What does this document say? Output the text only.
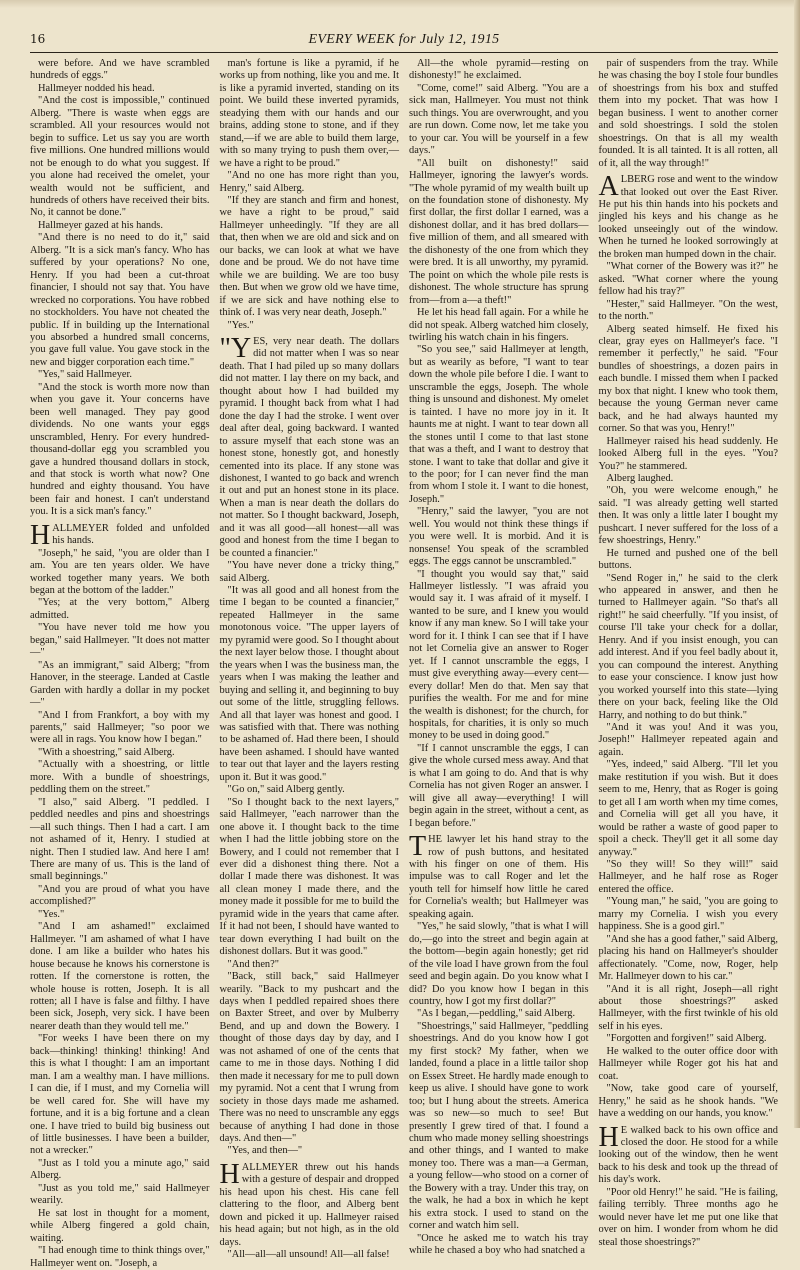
16	EVERY WEEK for July 12, 1915

were before. And we have scrambled hundreds of eggs."

Hallmeyer nodded his head.

"And the cost is impossible," continued Alberg. "There is waste when eggs are scrambled. All your resources would not begin to suffice. Let us say you are worth five millions. One hundred millions would not be enough to do what you suggest. If you alone had received the omelet, your wealth would not be sufficient, and hundreds of others have received their bits. No, it cannot be done."

Hallmeyer gazed at his hands.

"And there is no need to do it," said Alberg. "It is a sick man's fancy. Who has suffered by your operations? No one, Henry. If you had been a cut-throat financier, I should not say that. You have wrecked no corporations. You have robbed no stockholders. You have not cheated the public. If in building up the International you absorbed a hundred small concerns, you gave full value. You gave stock in the new and bigger corporation each time."

"Yes," said Hallmeyer.

"And the stock is worth more now than when you gave it. Your concerns have been well managed. They pay good dividends. No one wants your eggs unscrambled, Henry. For every hundred-thousand-dollar egg you scrambled you gave a hundred thousand dollars in stock, and that stock is worth what now? One hundred and eighty thousand. You have been fair and honest. I can't understand you. It is a sick man's fancy."

HALLMEYER folded and unfolded his hands.

"Joseph," he said, "you are older than I am. You are ten years older. We have worked together many years. We both began at the bottom of the ladder."

"Yes; at the very bottom," Alberg admitted.

"You have never told me how you began," said Hallmeyer. "It does not matter—"

"As an immigrant," said Alberg; "from Hanover, in the steerage. Landed at Castle Garden with hardly a dollar in my pocket—"

"And I from Frankfort, a boy with my parents," said Hallmeyer; "so poor we were all in rags. You know how I began."

"With a shoestring," said Alberg.

"Actually with a shoestring, or little more. With a bundle of shoestrings, peddling them on the street."

"I also," said Alberg. "I peddled. I peddled needles and pins and shoestrings—all such things. Then I had a cart. I am not ashamed of it, Henry. I studied at night. Then I studied law. And here I am! There are many of us. This is the land of small beginnings."

"And you are proud of what you have accomplished?"

"Yes."

"And I am ashamed!" exclaimed Hallmeyer. "I am ashamed of what I have done. I am like a builder who hates his house because he knows his cornerstone is rotten. If the cornerstone is rotten, the whole house is rotten, Joseph. It is all rotten; all I have is false and filthy. I have been sick, Joseph, very sick. I have been nearer death than they would tell me."

"For weeks I have been there on my back—thinking! thinking! thinking! And this is what I thought: I am an important man. I am a wealthy man. I have millions. I can die, if I must, and my Cornelia will be well cared for. She will have my fortune, and it is a big fortune and a clean one. I have tried to build big business out of little businesses. I have been a builder, not a wrecker."

"Just as I told you a minute ago," said Alberg.

"Just as you told me," said Hallmeyer wearily.

He sat lost in thought for a moment, while Alberg fingered a gold chain, waiting.

"I had enough time to think things over," Hallmeyer went on. "Joseph, a

man's fortune is like a pyramid, if he works up from nothing, like you and me. It is like a pyramid inverted, standing on its point. We build these inverted pyramids, steadying them with our hands and our brains, adding stone to stone, and if they stand,—if we are able to build them large, with so many trying to push them over,—we have a right to be proud."

"And no one has more right than you, Henry," said Alberg.

"If they are stanch and firm and honest, we have a right to be proud," said Hallmeyer unheedingly. "If they are all that, then when we are old and sick and on our backs, we can look at what we have done and be proud. We do not have time while we are building. We are too busy then. But when we grow old we have time, if we are sick and have nothing else to think of. I was very near death, Joseph."

"Yes."

"YES, very near death. The dollars did not matter when I was so near death. That I had piled up so many dollars did not matter. I lay there on my back, and thought about how I had builded my pyramid. I thought back from what I had done the day I had the stroke. I went over deal after deal, going backward. I wanted to assure myself that each stone was an honest stone, honestly got, and honestly cemented into its place. If any stone was dishonest, I wanted to go back and wrench it out and put an honest stone in its place. When a man is near death the dollars do not matter. So I thought backward, Joseph, and it was all good—all honest—all was good and honest from the time I began to be counted a financier."

"You have never done a tricky thing," said Alberg.

"It was all good and all honest from the time I began to be counted a financier," repeated Hallmeyer in the same monotonous voice. "The upper layers of my pyramid were good. So I thought about the next layer below those. I thought about the years when I was the business man, the years when I was making the leather and buying and selling it, and beginning to buy out some of the little, struggling fellows. And all that layer was honest and good. I was satisfied with that. There was nothing to be ashamed of. Had there been, I should have been ashamed. I should have wanted to tear out that layer and the layers resting upon it. But it was good."

"Go on," said Alberg gently.

"So I thought back to the next layers," said Hallmeyer, "each narrower than the one above it. I thought back to the time when I had the little jobbing store on the Bowery, and I could not remember that I ever did a dishonest thing there. Not a dollar I made there was dishonest. It was all clean money I made there, and the money made it possible for me to build the pyramid wide in the years that came after. If it had not been, I should have wanted to tear down everything I had built on the dishonest dollars. But it was good."

"And then?"

"Back, still back," said Hallmeyer wearily. "Back to my pushcart and the days when I peddled repaired shoes there on Baxter Street, and over by Mulberry Bend, and up and down the Bowery. I thought of those days day by day, and I was not ashamed of one of the cents that came to me in those days. Nothing I did then made it necessary for me to pull down my pyramid. Not a cent that I wrung from society in those days made me ashamed. There was no need to unscramble any eggs because of anything I had done in those days. And then—"

"Yes, and then—"

HALLMEYER threw out his hands with a gesture of despair and dropped his head upon his chest. His cane fell clattering to the floor, and Alberg bent down and picked it up. Hallmeyer raised his head again; but not high, as in the old days.

"All—all—all unsound! All—all false!

All—the whole pyramid—resting on dishonesty!" he exclaimed.

"Come, come!" said Alberg. "You are a sick man, Hallmeyer. You must not think such things. You are overwrought, and you are run down. Come now, let me take you to your car. You will be yourself in a few days."

"All built on dishonesty!" said Hallmeyer, ignoring the lawyer's words. "The whole pyramid of my wealth built up on the foundation stone of dishonesty. My first dollar, the first dollar I earned, was a dishonest dollar, and it has bred dollars—five million of them, and all smeared with the dishonesty of the one from which they were bred. It is all unworthy, my pyramid. The point on which the whole pile rests is dishonest. The whole structure has sprung from—from a—a theft!"

He let his head fall again. For a while he did not speak. Alberg watched him closely, twirling his watch chain in his fingers.

"So you see," said Hallmeyer at length, but as wearily as before, "I want to tear down the whole pile before I die. I want to unscramble the eggs, Joseph. The whole thing is unsound and dishonest. My omelet is tainted. I have no more joy in it. It haunts me at night. I want to tear down all the stones until I come to that last stone that was a theft, and I want to destroy that stone. I want to take that dollar and give it to the poor; for I can never find the man from whom I stole it. I want to die honest, Joseph."

"Henry," said the lawyer, "you are not well. You would not think these things if you were well. It is morbid. And it is nonsense! You speak of the scrambled eggs. The eggs cannot be unscrambled."

"I thought you would say that," said Hallmeyer listlessly. "I was afraid you would say it. I was afraid of it myself. I wanted to be sure, and I knew you would know if any man knew. So I will take your word for it. I think I can see that if I have not let Cornelia give an answer to Roger yet. If I cannot unscramble the eggs, I must give everything away—every cent—every dollar! Men do that. Men say that purifies the wealth. For me and for mine the wealth is dishonest; for the church, for hospitals, for charities, it is only so much money to be used in doing good."

"If I cannot unscramble the eggs, I can give the whole cursed mess away. And that is what I am going to do. And that is why Cornelia has not given Roger an answer. I will give all away—everything! I will begin again in the street, without a cent, as I began before."

THE lawyer let his hand stray to the row of push buttons, and hesitated with his finger on one of them. His impulse was to call Roger and let the youth tell for himself how little he cared for Cornelia's wealth; but Hallmeyer was speaking again.

"Yes," he said slowly, "that is what I will do,—go into the street and begin again at the bottom—begin again honestly; get rid of the vile load I have grown from the foul seed and begin again. Do you know what I did? Do you know how I began in this country, how I got my first dollar?"

"As I began,—peddling," said Alberg.

"Shoestrings," said Hallmeyer, "peddling shoestrings. And do you know how I got my first stock? My father, when we landed, found a place in a little tailor shop on Essex Street. He hardly made enough to keep us alive. I should have gone to work too; but I hung about the streets. America was so new—so much to see! But presently I grew tired of that. I found a chum who made money selling shoestrings and other things, and I wanted to make money too. There was a man—a German, a young fellow—who stood on a corner of the Bowery with a tray. Under this tray, on the walk, he had a box in which he kept his extra stock. I used to stand on the corner and watch him sell.

"Once he asked me to watch his tray while he chased a boy who had snatched a

pair of suspenders from the tray. While he was chasing the boy I stole four bundles of shoestrings from his box and stuffed them into my pocket. That was how I began business. I went to another corner and sold shoestrings. I sold the stolen shoestrings. On that is all my wealth founded. It is all tainted. It is all rotten, all of it, all the way through!"

ALBERG rose and went to the window that looked out over the East River. He put his thin hands into his pockets and jingled his keys and his change as he looked unseeingly out of the window. When he turned he looked sorrowingly at the broken man humped down in the chair.

"What corner of the Bowery was it?" he asked. "What corner where the young fellow had his tray?"

"Hester," said Hallmeyer. "On the west, to the north."

Alberg seated himself. He fixed his clear, gray eyes on Hallmeyer's face. "I remember it perfectly," he said. "Four bundles of shoestrings, a dozen pairs in each bundle. I missed them when I packed my box that night. I knew who took them, because the young German never came back, and he had always haunted my corner. So that was you, Henry!"

Hallmeyer raised his head suddenly. He looked Alberg full in the eyes. "You? You?" he stammered.

Alberg laughed.

"Oh, you were welcome enough," he said. "I was already getting well started then. It was only a little later I bought my pushcart. I never suffered for the loss of a few shoestrings, Henry."

He turned and pushed one of the bell buttons.

"Send Roger in," he said to the clerk who appeared in answer, and then he turned to Hallmeyer again. "So that's all right!" he said cheerfully. "If you insist, of course I'll take your check for a dollar, Henry. And if you insist enough, you can add interest. And if you feel badly about it, you can compound the interest. Anything to ease your conscience. I know just how you worked yourself into this state—lying there on your back, feeling like the Old Harry, and nothing to do but think."

"And it was you! And it was you, Joseph!" Hallmeyer repeated again and again.

"Yes, indeed," said Alberg. "I'll let you make restitution if you wish. But it does seem to me, Henry, that as Roger is going to get all I am worth when my time comes, and Cornelia will get all you have, it would be rather a waste of good paper to spoil a check. They'll get it all some day anyway."

"So they will! So they will!" said Hallmeyer, and he half rose as Roger entered the office.

"Young man," he said, "you are going to marry my Cornelia. I wish you every happiness. She is a good girl."

"And she has a good father," said Alberg, placing his hand on Hallmeyer's shoulder affectionately. "Come, now, Roger, help Mr. Hallmeyer down to his car."

"And it is all right, Joseph—all right about those shoestrings?" asked Hallmeyer, with the first twinkle of his old self in his eyes.

"Forgotten and forgiven!" said Alberg.

He walked to the outer office door with Hallmeyer while Roger got his hat and coat.

"Now, take good care of yourself, Henry," he said as he shook hands. "We have a wedding on our hands, you know."

HE walked back to his own office and closed the door. He stood for a while looking out of the window, then he went back to his desk and took up the thread of his day's work.

"Poor old Henry!" he said. "He is failing, failing terribly. Three months ago he would never have let me put one like that over on him. I wonder from whom he did steal those shoestrings?"
